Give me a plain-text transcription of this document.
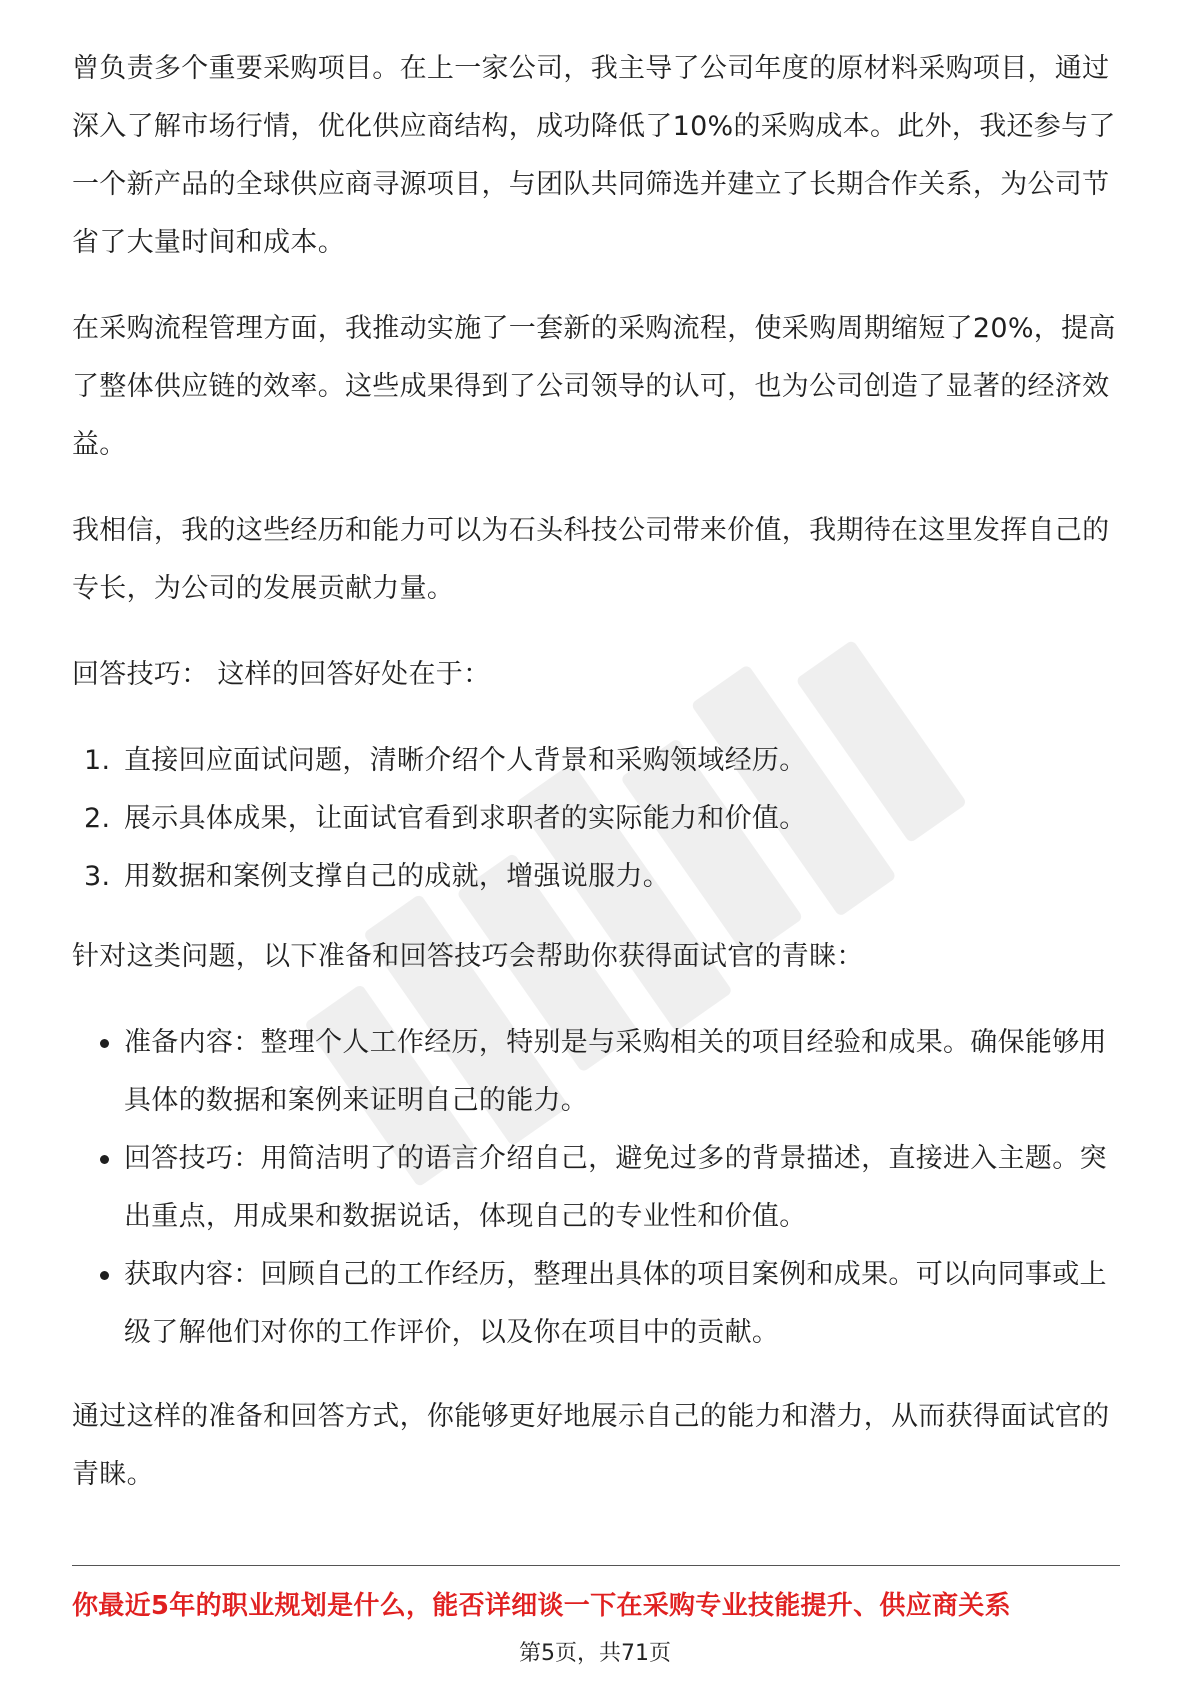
曾负责多个重要采购项目。在上一家公司，我主导了公司年度的原材料采购项目，通过深入了解市场行情，优化供应商结构，成功降低了10%的采购成本。此外，我还参与了一个新产品的全球供应商寻源项目，与团队共同筛选并建立了长期合作关系，为公司节省了大量时间和成本。

在采购流程管理方面，我推动实施了一套新的采购流程，使采购周期缩短了20%，提高了整体供应链的效率。这些成果得到了公司领导的认可，也为公司创造了显著的经济效益。

我相信，我的这些经历和能力可以为石头科技公司带来价值，我期待在这里发挥自己的专长，为公司的发展贡献力量。

回答技巧： 这样的回答好处在于：

1. 直接回应面试问题，清晰介绍个人背景和采购领域经历。
2. 展示具体成果，让面试官看到求职者的实际能力和价值。
3. 用数据和案例支撑自己的成就，增强说服力。

针对这类问题，以下准备和回答技巧会帮助你获得面试官的青睐：

准备内容：整理个人工作经历，特别是与采购相关的项目经验和成果。确保能够用具体的数据和案例来证明自己的能力。
回答技巧：用简洁明了的语言介绍自己，避免过多的背景描述，直接进入主题。突出重点，用成果和数据说话，体现自己的专业性和价值。
获取内容：回顾自己的工作经历，整理出具体的项目案例和成果。可以向同事或上级了解他们对你的工作评价，以及你在项目中的贡献。

通过这样的准备和回答方式，你能够更好地展示自己的能力和潜力，从而获得面试官的青睐。

你最近5年的职业规划是什么，能否详细谈一下在采购专业技能提升、供应商关系
第5页，共71页
